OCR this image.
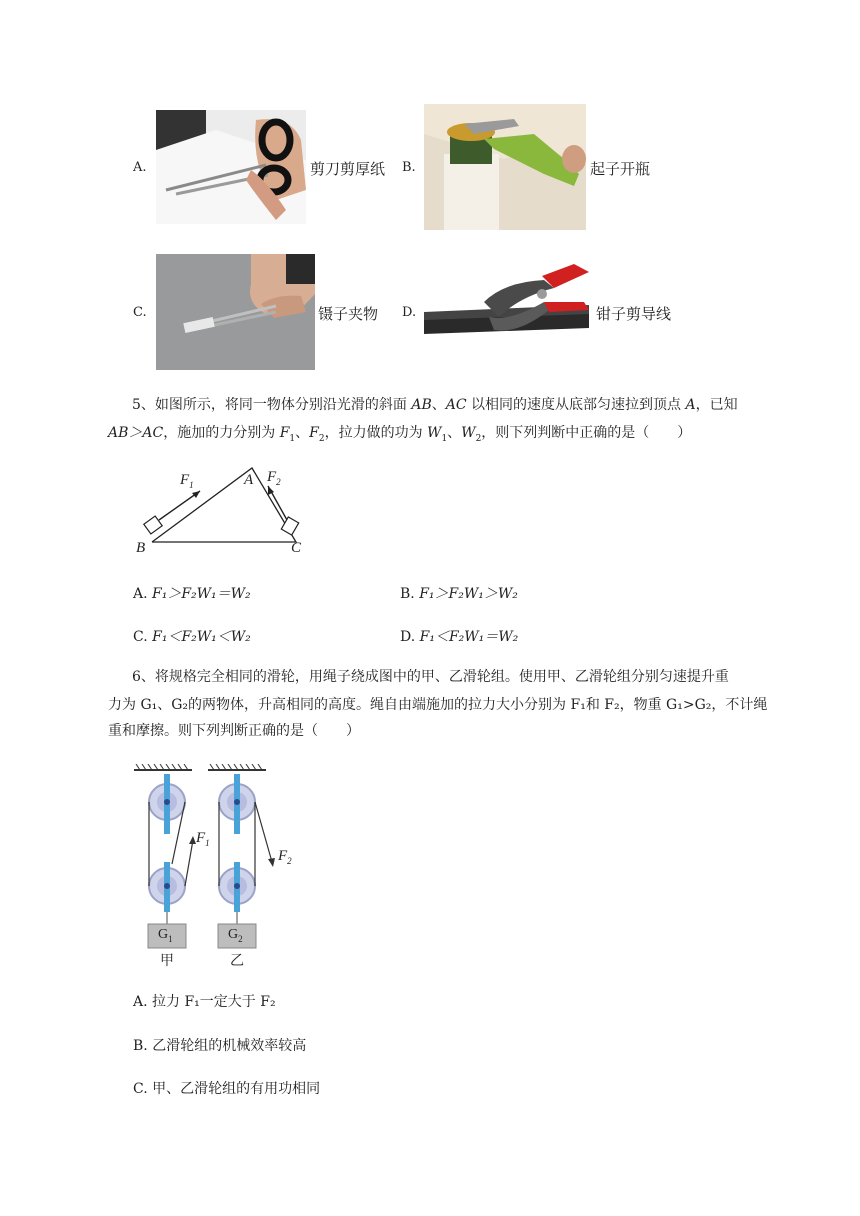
A.	剪刀剪厚纸 B.	起子开瓶
C.	镊子夹物 D.	钳子剪导线
5、如图所示，将同一物体分别沿光滑的斜面 AB、AC 以相同的速度从底部匀速拉到顶点 A，已知
AB＞AC，施加的力分别为 $F_1$、$F_2$，拉力做的功为 $W_1$、$W_2$，则下列判断中正确的是（　　）
B	C
A
$F_1$	$F_2$
A. F₁＞F₂W₁＝W₂	B. F₁＞F₂W₁＞W₂
C. F₁＜F₂W₁＜W₂	D. F₁＜F₂W₁＝W₂
6、将规格完全相同的滑轮，用绳子绕成图中的甲、乙滑轮组。使用甲、乙滑轮组分别匀速提升重
力为 G₁、G₂的两物体，升高相同的高度。绳自由端施加的拉力大小分别为 F₁和 F₂，物重 G₁>G₂，不计绳
重和摩擦。则下列判断正确的是（　　）
$F_1$
$F_2$
$G_1$	$G_2$
甲	乙
A. 拉力 F₁一定大于 F₂
B. 乙滑轮组的机械效率较高
C. 甲、乙滑轮组的有用功相同
